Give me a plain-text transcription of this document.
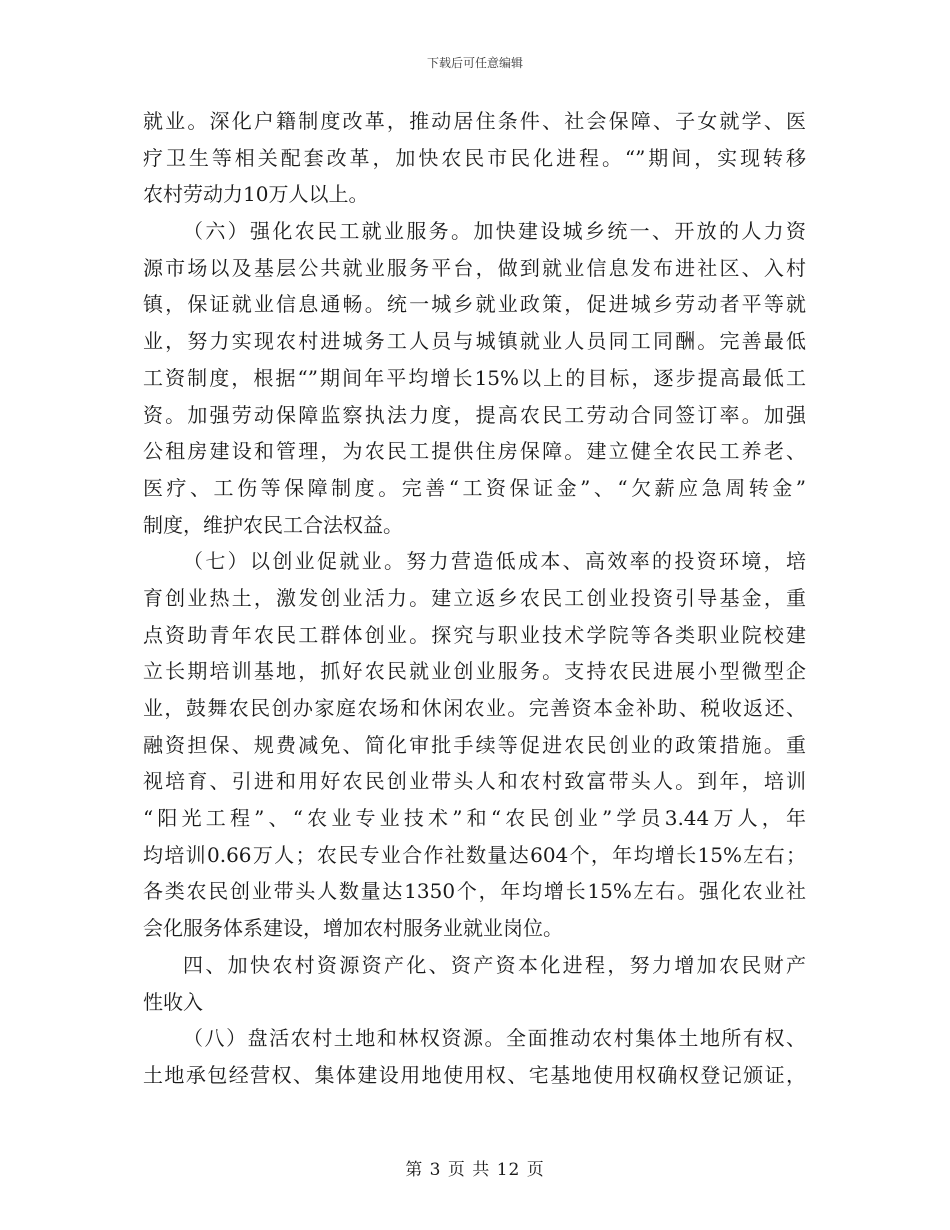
下载后可任意编辑
就业。深化户籍制度改革，推动居住条件、社会保障、子女就学、医
疗卫生等相关配套改革，加快农民市民化进程。“”期间，实现转移
农村劳动力10万人以上。
（六）强化农民工就业服务。加快建设城乡统一、开放的人力资
源市场以及基层公共就业服务平台，做到就业信息发布进社区、入村
镇，保证就业信息通畅。统一城乡就业政策，促进城乡劳动者平等就
业，努力实现农村进城务工人员与城镇就业人员同工同酬。完善最低
工资制度，根据“”期间年平均增长15%以上的目标，逐步提高最低工
资。加强劳动保障监察执法力度，提高农民工劳动合同签订率。加强
公租房建设和管理，为农民工提供住房保障。建立健全农民工养老、
医疗、工伤等保障制度。完善“工资保证金”、“欠薪应急周转金”
制度，维护农民工合法权益。
（七）以创业促就业。努力营造低成本、高效率的投资环境，培
育创业热土，激发创业活力。建立返乡农民工创业投资引导基金，重
点资助青年农民工群体创业。探究与职业技术学院等各类职业院校建
立长期培训基地，抓好农民就业创业服务。支持农民进展小型微型企
业，鼓舞农民创办家庭农场和休闲农业。完善资本金补助、税收返还、
融资担保、规费减免、简化审批手续等促进农民创业的政策措施。重
视培育、引进和用好农民创业带头人和农村致富带头人。到年，培训
“阳光工程”、“农业专业技术”和“农民创业”学员3.44万人，年
均培训0.66万人；农民专业合作社数量达604个，年均增长15%左右；
各类农民创业带头人数量达1350个，年均增长15%左右。强化农业社
会化服务体系建设，增加农村服务业就业岗位。
四、加快农村资源资产化、资产资本化进程，努力增加农民财产
性收入
（八）盘活农村土地和林权资源。全面推动农村集体土地所有权、
土地承包经营权、集体建设用地使用权、宅基地使用权确权登记颁证，
第 3 页 共 12 页
